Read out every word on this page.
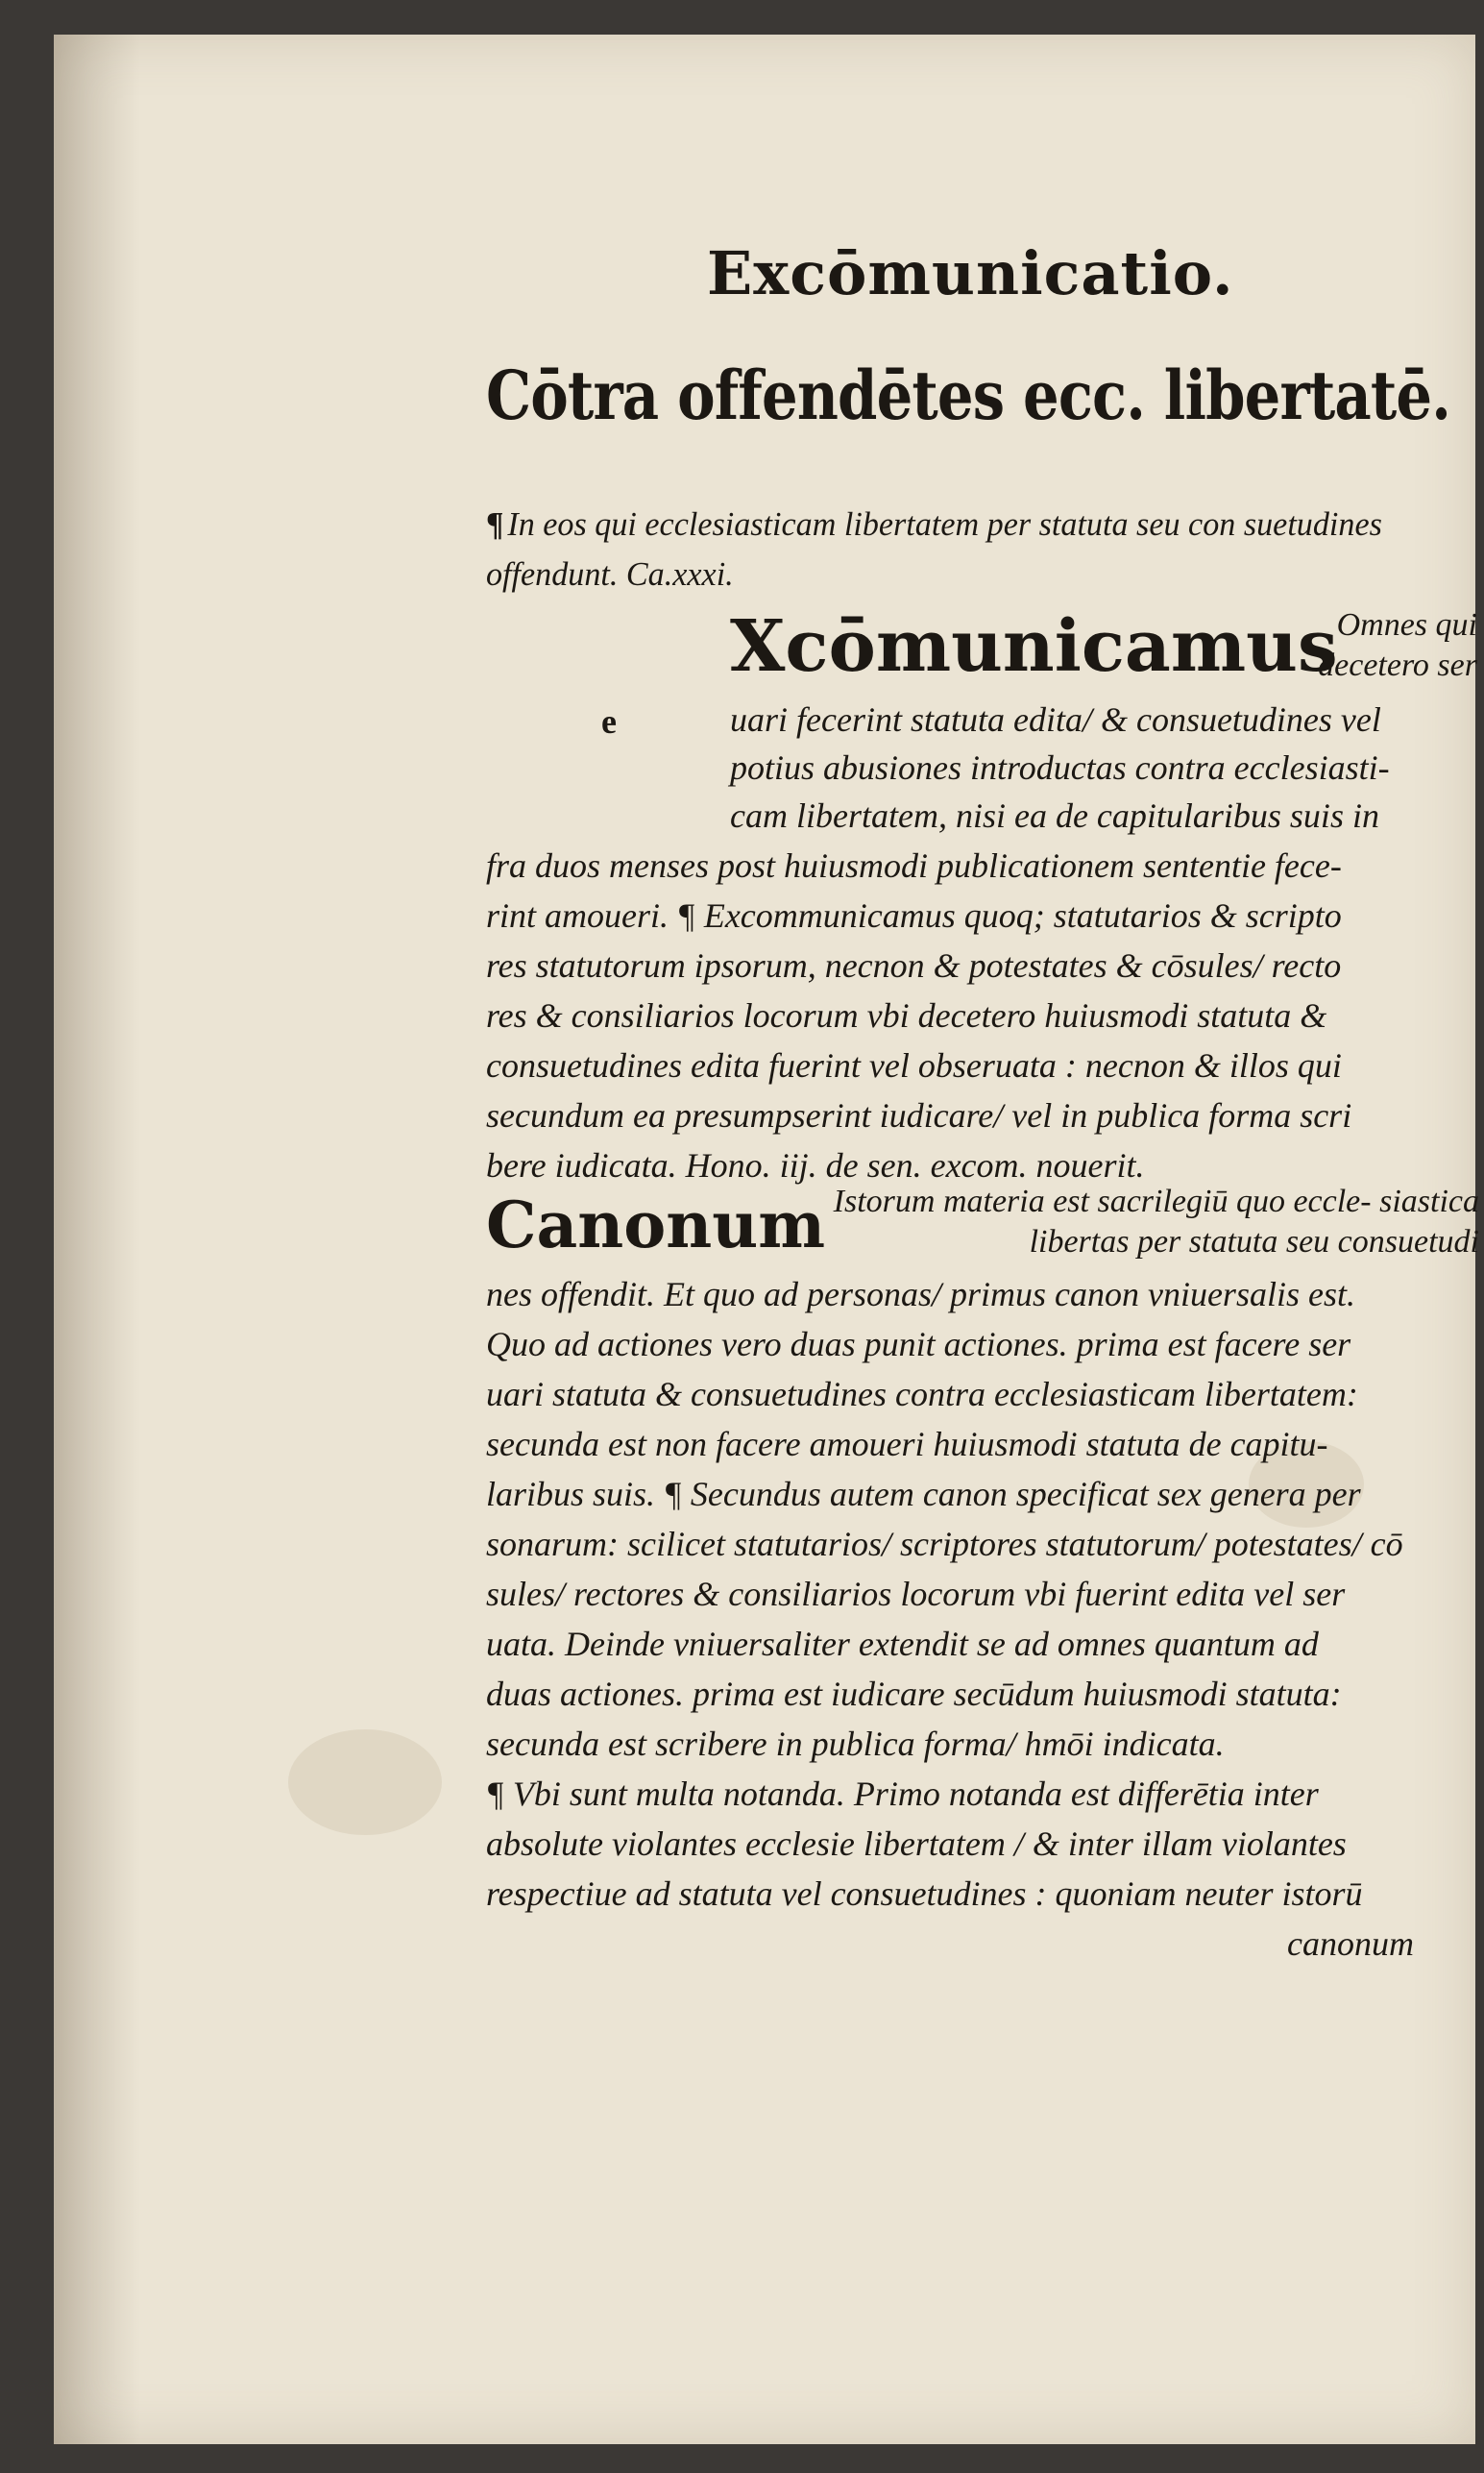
Excōmunicatio.
Cōtra offendētes ecc. libertatē.
¶ In eos qui ecclesiasticam libertatem per statuta seu con suetudines offendunt. Ca.xxxi.
Xcōmunicamus
Omnes qui decetero ser
e	uari fecerint statuta edita/ & consuetudines vel
potius abusiones introductas contra ecclesiasti-
cam libertatem, nisi ea de capitularibus suis in
fra duos menses post huiusmodi publicationem sententie fece-
rint amoueri. ¶ Excommunicamus quoq; statutarios & scripto
res statutorum ipsorum, necnon & potestates & cōsules/ recto
res & consiliarios locorum vbi decetero huiusmodi statuta &
consuetudines edita fuerint vel obseruata : necnon & illos qui
secundum ea presumpserint iudicare/ vel in publica forma scri
bere iudicata. Hono. iij. de sen. excom. nouerit.
Canonum Istorum materia est sacrilegiū quo eccle- siastica libertas per statuta seu consuetudi
nes offendit. Et quo ad personas/ primus canon vniuersalis est.
Quo ad actiones vero duas punit actiones. prima est facere ser
uari statuta & consuetudines contra ecclesiasticam libertatem:
secunda est non facere amoueri huiusmodi statuta de capitu-
laribus suis. ¶ Secundus autem canon specificat sex genera per
sonarum: scilicet statutarios/ scriptores statutorum/ potestates/ cō
sules/ rectores & consiliarios locorum vbi fuerint edita vel ser
uata. Deinde vniuersaliter extendit se ad omnes quantum ad
duas actiones. prima est iudicare secūdum huiusmodi statuta:
secunda est scribere in publica forma/ hmōi indicata.
¶ Vbi sunt multa notanda. Primo notanda est differētia inter
absolute violantes ecclesie libertatem / & inter illam violantes
respectiue ad statuta vel consuetudines : quoniam neuter istorū
canonum
